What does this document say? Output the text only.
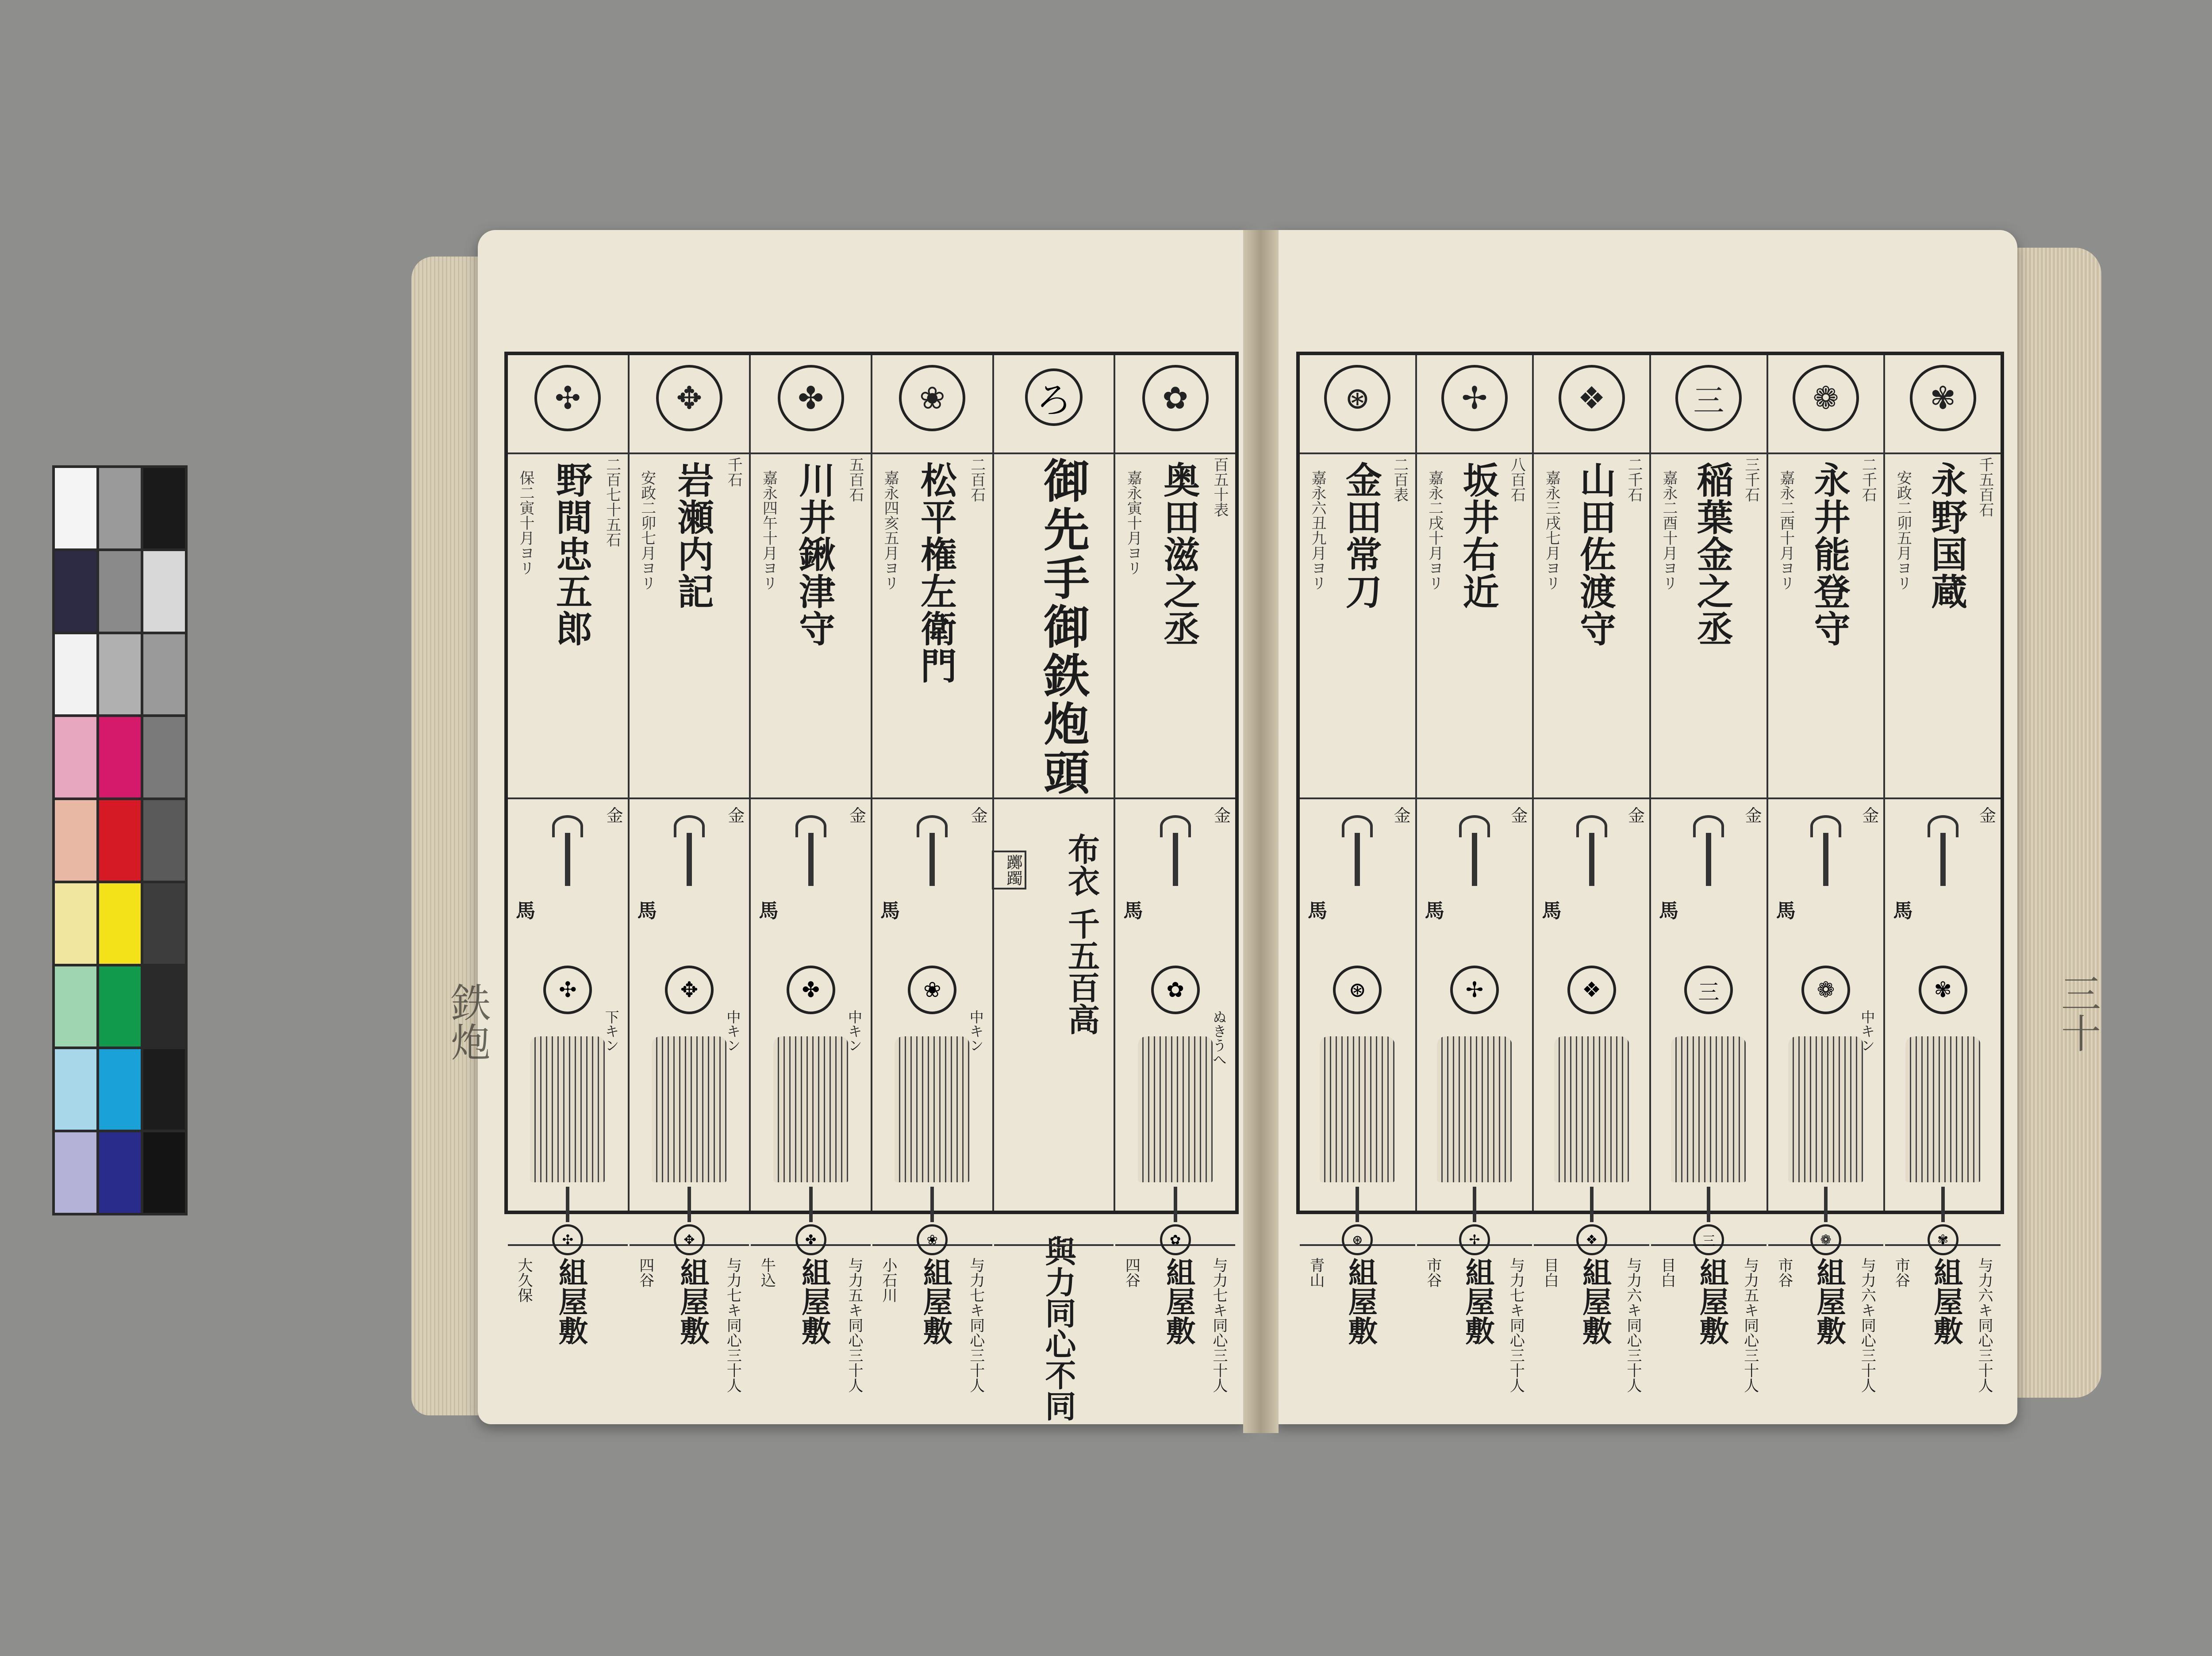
鉄炮	三十
✣
野間忠五郎 二百七十五石
保二寅十月ヨリ
馬
金
✣
✣
組屋敷
大久保
下キン
✥
岩瀬内記 千石
安政二卯七月ヨリ
馬
金
✥
✥
組屋敷 与力七キ同心三十人
四谷
中キン
✤
川井鍬津守 五百石
嘉永四午十月ヨリ
馬
金
✤
✤
組屋敷 与力五キ同心三十人
牛込
中キン
❀
松平権左衛門 二百石
嘉永四亥五月ヨリ
馬
金
❀
❀
組屋敷 与力七キ同心三十人
小石川
中キン
ろ
御先手御鉄炮頭
躑躅 布衣 千五百高
與力同心不同
✿
奥田滋之丞 百五十表
嘉永寅十月ヨリ
馬
金
✿
✿
組屋敷 与力七キ同心三十人
四谷
ぬきうへ
⊛
金田常刀 二百表
嘉永六丑九月ヨリ
馬
金
⊛
⊛
組屋敷
青山
✢
坂井右近 八百石
嘉永二戌十月ヨリ
馬
金
✢
✢
組屋敷 与力七キ同心三十人
市谷
❖
山田佐渡守 二千石
嘉永三戌七月ヨリ
馬
金
❖
❖
組屋敷 与力六キ同心三十人
目白
三
稲葉金之丞 三千石
嘉永二酉十月ヨリ
馬
金
三
三
組屋敷 与力五キ同心三十人
目白
❁
永井能登守 二千石
嘉永二酉十月ヨリ
馬
金
❁
❁
組屋敷 与力六キ同心三十人
市谷
中キン
✾
永野国蔵 千五百石
安政二卯五月ヨリ
馬
金
✾
✾
組屋敷 与力六キ同心三十人
市谷
